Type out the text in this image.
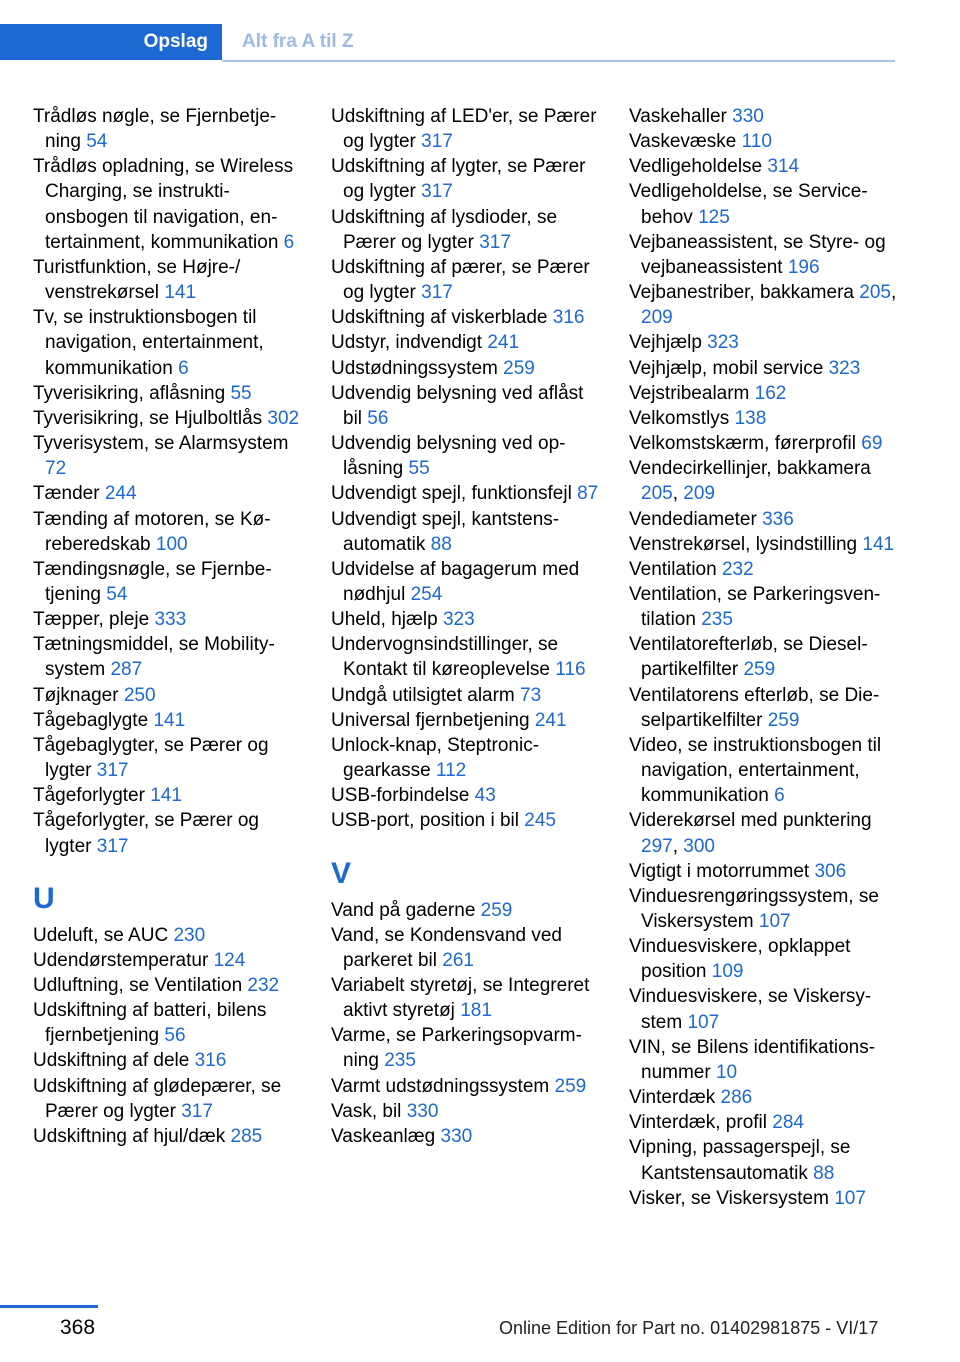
Opslag	Alt fra A til Z
Trådløs nøgle, se Fjernbetjening 54
Trådløs opladning, se Wireless Charging, se instruktionsbogen til navigation, entertainment, kommunikation 6
Turistfunktion, se Højre-/ venstrekørsel 141
Tv, se instruktionsbogen til navigation, entertainment, kommunikation 6
Tyverisikring, aflåsning 55
Tyverisikring, se Hjulboltlås 302
Tyverisystem, se Alarmsystem 72
Tænder 244
Tænding af motoren, se Køreberedskab 100
Tændingsnøgle, se Fjernbetjening 54
Tæpper, pleje 333
Tætningsmiddel, se Mobility-system 287
Tøjknager 250
Tågebaglygte 141
Tågebaglygter, se Pærer og lygter 317
Tågeforlygter 141
Tågeforlygter, se Pærer og lygter 317
U
Udeluft, se AUC 230
Udendørstemperatur 124
Udluftning, se Ventilation 232
Udskiftning af batteri, bilens fjernbetjening 56
Udskiftning af dele 316
Udskiftning af glødepærer, se Pærer og lygter 317
Udskiftning af hjul/dæk 285
Udskiftning af LED'er, se Pærer og lygter 317
Udskiftning af lygter, se Pærer og lygter 317
Udskiftning af lysdioder, se Pærer og lygter 317
Udskiftning af pærer, se Pærer og lygter 317
Udskiftning af viskerblade 316
Udstyr, indvendigt 241
Udstødningssystem 259
Udvendig belysning ved aflåst bil 56
Udvendig belysning ved oplåsning 55
Udvendigt spejl, funktionsfejl 87
Udvendigt spejl, kantstensautomatik 88
Udvidelse af bagagerum med nødhjul 254
Uheld, hjælp 323
Undervognsindstillinger, se Kontakt til køreoplevelse 116
Undgå utilsigtet alarm 73
Universal fjernbetjening 241
Unlock-knap, Steptronic-gearkasse 112
USB-forbindelse 43
USB-port, position i bil 245
V
Vand på gaderne 259
Vand, se Kondensvand ved parkeret bil 261
Variabelt styretøj, se Integreret aktivt styretøj 181
Varme, se Parkeringsopvarmning 235
Varmt udstødningssystem 259
Vask, bil 330
Vaskeanlæg 330
Vaskehaller 330
Vaskevæske 110
Vedligeholdelse 314
Vedligeholdelse, se Servicebehov 125
Vejbaneassistent, se Styre- og vejbaneassistent 196
Vejbanestriber, bakkamera 205, 209
Vejhjælp 323
Vejhjælp, mobil service 323
Vejstribealarm 162
Velkomstlys 138
Velkomstskærm, førerprofil 69
Vendecirkellinjer, bakkamera 205, 209
Vendediameter 336
Venstrekørsel, lysindstilling 141
Ventilation 232
Ventilation, se Parkeringsventilation 235
Ventilatorefterløb, se Dieselpartikelfilter 259
Ventilatorens efterløb, se Dieselpartikelfilter 259
Video, se instruktionsbogen til navigation, entertainment, kommunikation 6
Viderekørsel med punktering 297, 300
Vigtigt i motorrummet 306
Vinduesrengøringssystem, se Viskersystem 107
Vinduesviskere, opklappet position 109
Vinduesviskere, se Viskersystem 107
VIN, se Bilens identifikationsnummer 10
Vinterdæk 286
Vinterdæk, profil 284
Vipning, passagerspejl, se Kantstensautomatik 88
Visker, se Viskersystem 107
368	Online Edition for Part no. 01402981875 - VI/17
